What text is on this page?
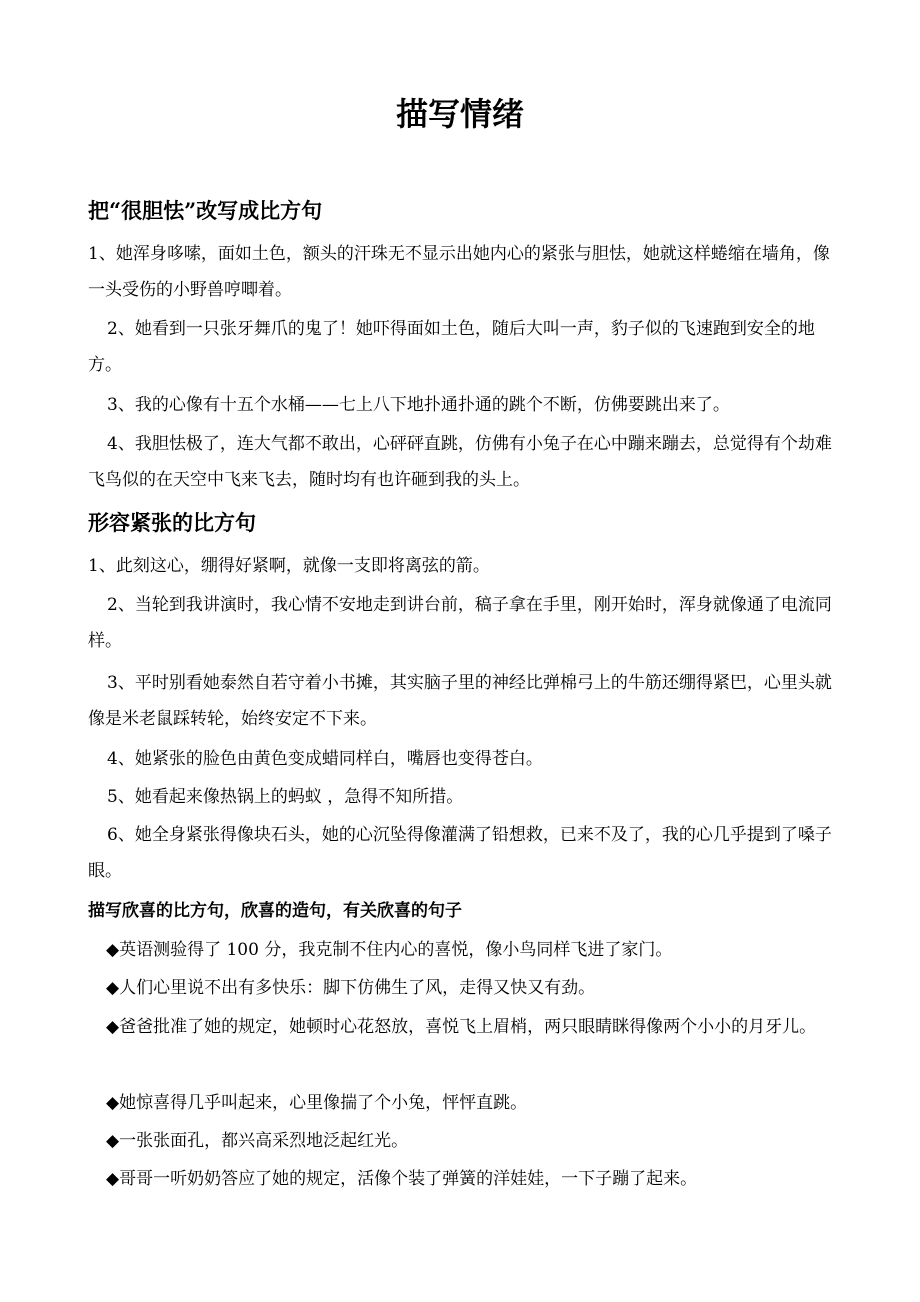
描写情绪
把“很胆怯”改写成比方句

1、她浑身哆嗦，面如土色，额头的汗珠无不显示出她内心的紧张与胆怯，她就这样蜷缩在墙角，像一头受伤的小野兽哼唧着。

2、她看到一只张牙舞爪的鬼了！她吓得面如土色，随后大叫一声，豹子似的飞速跑到安全的地方。

3、我的心像有十五个水桶——七上八下地扑通扑通的跳个不断，仿佛要跳出来了。

4、我胆怯极了，连大气都不敢出，心砰砰直跳，仿佛有小兔子在心中蹦来蹦去，总觉得有个劫难飞鸟似的在天空中飞来飞去，随时均有也许砸到我的头上。

形容紧张的比方句

1、此刻这心，绷得好紧啊，就像一支即将离弦的箭。

2、当轮到我讲演时，我心情不安地走到讲台前，稿子拿在手里，刚开始时，浑身就像通了电流同样。

3、平时别看她泰然自若守着小书摊，其实脑子里的神经比弹棉弓上的牛筋还绷得紧巴，心里头就像是米老鼠踩转轮，始终安定不下来。

4、她紧张的脸色由黄色变成蜡同样白，嘴唇也变得苍白。

5、她看起来像热锅上的蚂蚁 ，急得不知所措。

6、她全身紧张得像块石头，她的心沉坠得像灌满了铅想救，已来不及了，我的心几乎提到了嗓子眼。

描写欣喜的比方句，欣喜的造句，有关欣喜的句子

◆英语测验得了 100 分，我克制不住内心的喜悦，像小鸟同样飞进了家门。

◆人们心里说不出有多快乐：脚下仿佛生了风，走得又快又有劲。

◆爸爸批准了她的规定，她顿时心花怒放，喜悦飞上眉梢，两只眼睛眯得像两个小小的月牙儿。

◆她惊喜得几乎叫起来，心里像揣了个小兔，怦怦直跳。

◆一张张面孔，都兴高采烈地泛起红光。

◆哥哥一听奶奶答应了她的规定，活像个装了弹簧的洋娃娃，一下子蹦了起来。
